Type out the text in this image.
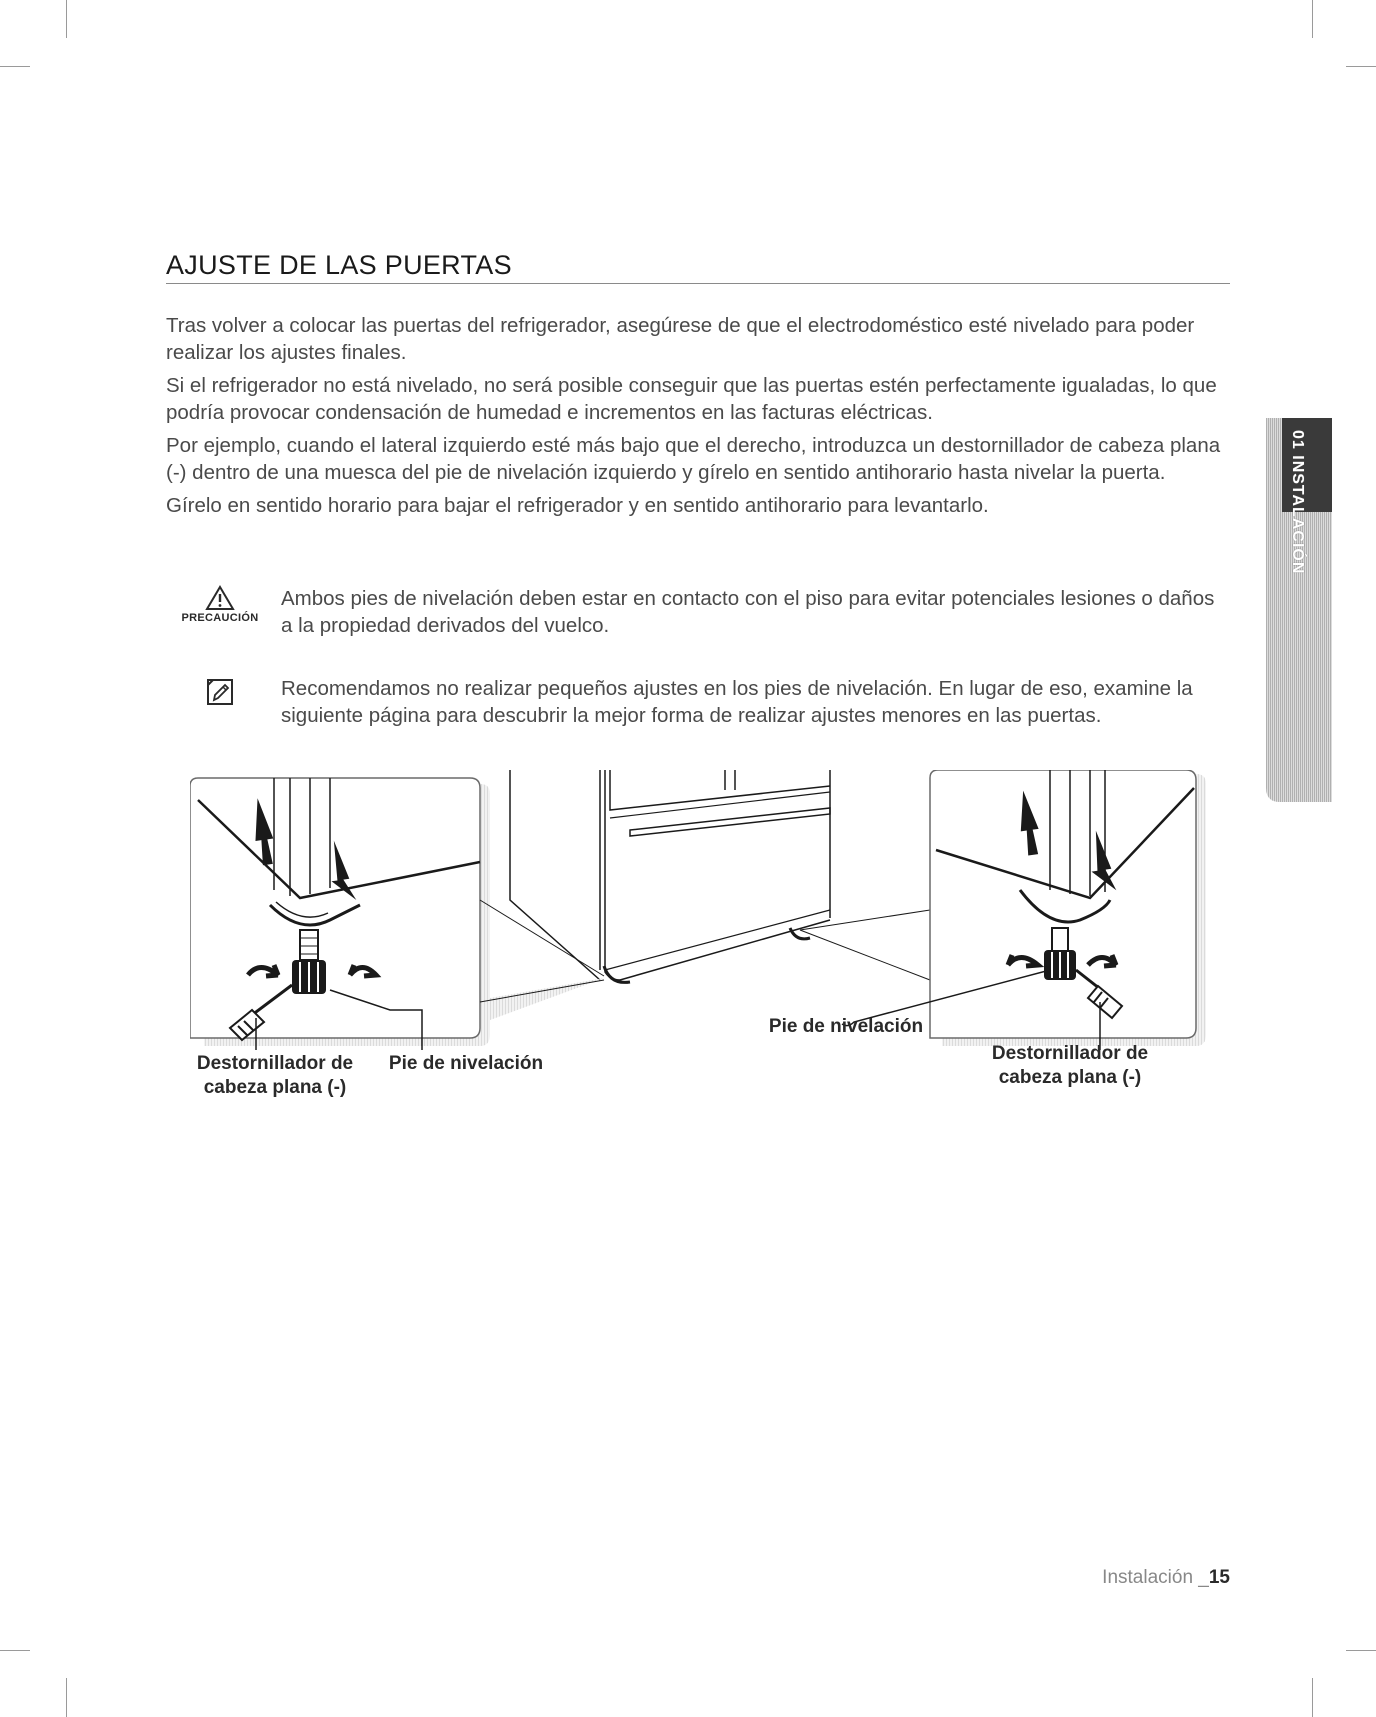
AJUSTE DE LAS PUERTAS

Tras volver a colocar las puertas del refrigerador, asegúrese de que el electrodoméstico esté nivelado para poder realizar los ajustes finales.

Si el refrigerador no está nivelado, no será posible conseguir que las puertas estén perfectamente igualadas, lo que podría provocar condensación de humedad e incrementos en las facturas eléctricas.

Por ejemplo, cuando el lateral izquierdo esté más bajo que el derecho, introduzca un destornillador de cabeza plana (-) dentro de una muesca del pie de nivelación izquierdo y gírelo en sentido antihorario hasta nivelar la puerta.

Gírelo en sentido horario para bajar el refrigerador y en sentido antihorario para levantarlo.

PRECAUCIÓN
Ambos pies de nivelación deben estar en contacto con el piso para evitar potenciales lesiones o daños a la propiedad derivados del vuelco.
Recomendamos no realizar pequeños ajustes en los pies de nivelación. En lugar de eso, examine la siguiente página para descubrir la mejor forma de realizar ajustes menores en las puertas.
01 INSTALACIÓN
Destornillador de
cabeza plana (-)
Pie de nivelación
Pie de nivelación
Destornillador de
cabeza plana (-)
Instalación _15
